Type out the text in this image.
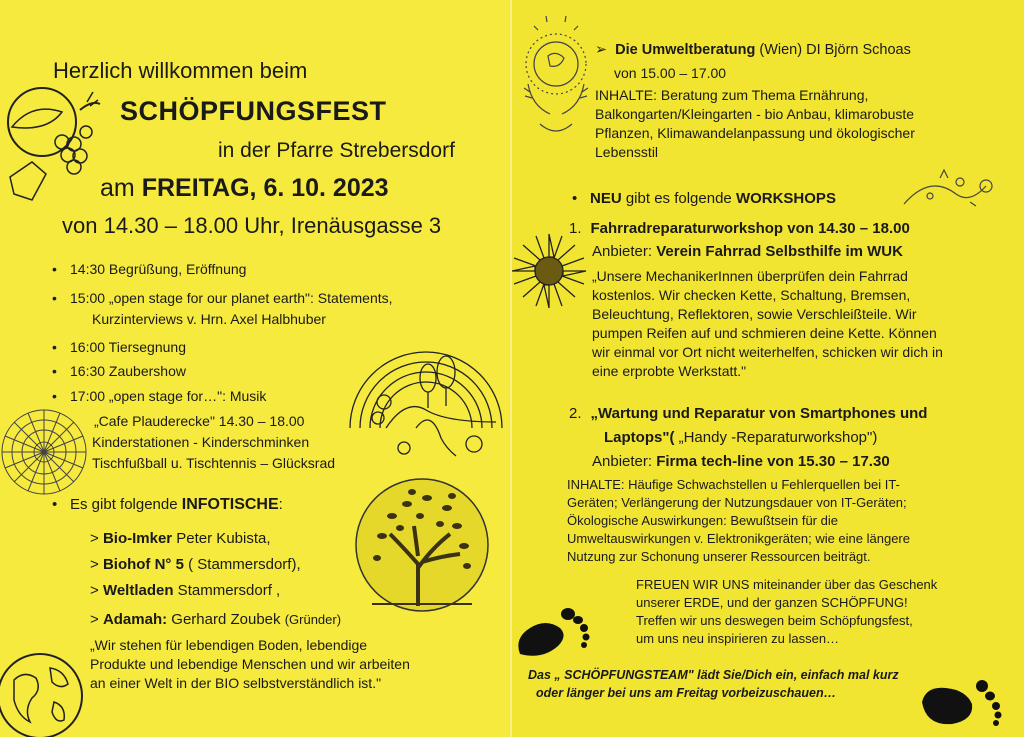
Herzlich willkommen beim
SCHÖPFUNGSFEST
in der Pfarre Strebersdorf
am FREITAG, 6. 10. 2023
von 14.30 – 18.00 Uhr, Irenäusgasse 3
• 14:30 Begrüßung, Eröffnung
• 15:00 „open stage for our planet earth": Statements,
Kurzinterviews v. Hrn. Axel Halbhuber
• 16:00 Tiersegnung
• 16:30 Zaubershow
• 17:00 „open stage for…": Musik
„Cafe Plauderecke" 14.30 – 18.00
Kinderstationen - Kinderschminken
Tischfußball u. Tischtennis – Glücksrad
• Es gibt folgende INFOTISCHE:
> Bio-Imker Peter Kubista,
> Biohof N° 5 ( Stammersdorf),
> Weltladen Stammersdorf ,
> Adamah: Gerhard Zoubek (Gründer)
„Wir stehen für lebendigen Boden, lebendige
Produkte und lebendige Menschen und wir arbeiten
an einer Welt in der BIO selbstverständlich ist."
➢ Die Umweltberatung (Wien) DI Björn Schoas
von 15.00 – 17.00
INHALTE: Beratung zum Thema Ernährung,
Balkongarten/Kleingarten - bio Anbau, klimarobuste
Pflanzen, Klimawandelanpassung und ökologischer
Lebensstil
• NEU gibt es folgende WORKSHOPS
1. Fahrradreparaturworkshop von 14.30 – 18.00
Anbieter: Verein Fahrrad Selbsthilfe im WUK
„Unsere MechanikerInnen überprüfen dein Fahrrad
kostenlos. Wir checken Kette, Schaltung, Bremsen,
Beleuchtung, Reflektoren, sowie Verschleißteile. Wir
pumpen Reifen auf und schmieren deine Kette. Können
wir einmal vor Ort nicht weiterhelfen, schicken wir dich in
eine erprobte Werkstatt."
2. „Wartung und Reparatur von Smartphones und
Laptops"( „Handy -Reparaturworkshop")
Anbieter: Firma tech-line von 15.30 – 17.30
INHALTE: Häufige Schwachstellen u Fehlerquellen bei IT-
Geräten; Verlängerung der Nutzungsdauer von IT-Geräten;
Ökologische Auswirkungen: Bewußtsein für die
Umweltauswirkungen v. Elektronikgeräten; wie eine längere
Nutzung zur Schonung unserer Ressourcen beiträgt.
FREUEN WIR UNS miteinander über das Geschenk
unserer ERDE, und der ganzen SCHÖPFUNG!
Treffen wir uns deswegen beim Schöpfungsfest,
um uns neu inspirieren zu lassen…
Das „ SCHÖPFUNGSTEAM" lädt Sie/Dich ein, einfach mal kurz
oder länger bei uns am Freitag vorbeizuschauen…
